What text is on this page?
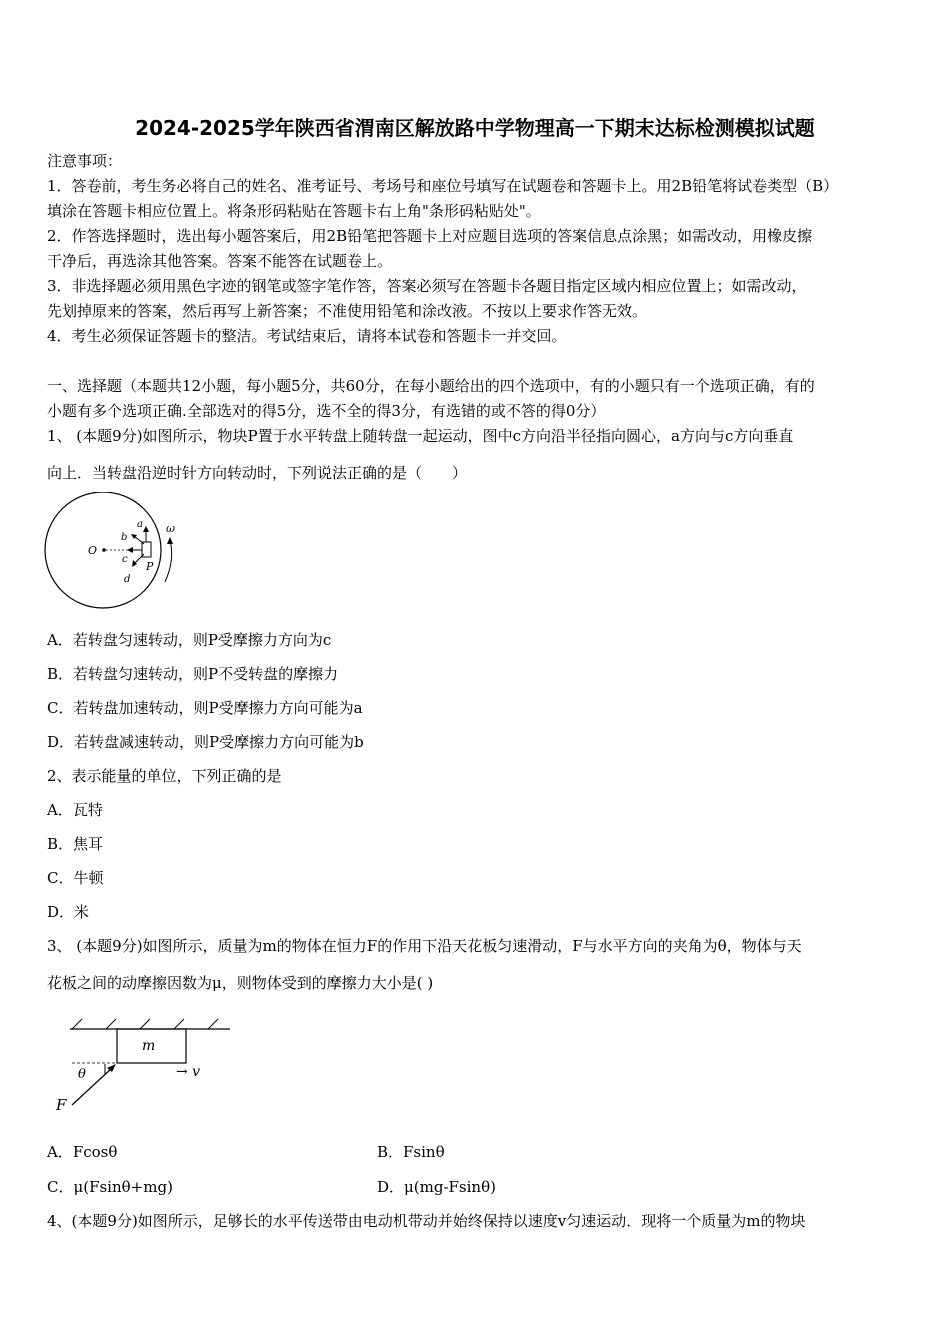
2024-2025学年陕西省渭南区解放路中学物理高一下期末达标检测模拟试题
注意事项：
1．答卷前，考生务必将自己的姓名、准考证号、考场号和座位号填写在试题卷和答题卡上。用2B铅笔将试卷类型（B）
填涂在答题卡相应位置上。将条形码粘贴在答题卡右上角"条形码粘贴处"。
2．作答选择题时，选出每小题答案后，用2B铅笔把答题卡上对应题目选项的答案信息点涂黑；如需改动，用橡皮擦
干净后，再选涂其他答案。答案不能答在试题卷上。
3．非选择题必须用黑色字迹的钢笔或签字笔作答，答案必须写在答题卡各题目指定区域内相应位置上；如需改动，
先划掉原来的答案，然后再写上新答案；不准使用铅笔和涂改液。不按以上要求作答无效。
4．考生必须保证答题卡的整洁。考试结束后，请将本试卷和答题卡一并交回。
一、选择题（本题共12小题，每小题5分，共60分，在每小题给出的四个选项中，有的小题只有一个选项正确，有的
小题有多个选项正确.全部选对的得5分，选不全的得3分，有选错的或不答的得0分）
1、 (本题9分)如图所示，物块P置于水平转盘上随转盘一起运动，图中c方向沿半径指向圆心，a方向与c方向垂直
向上．当转盘沿逆时针方向转动时，下列说法正确的是（　　）
O
a
b
c
d
P
ω
A．若转盘匀速转动，则P受摩擦力方向为c
B．若转盘匀速转动，则P不受转盘的摩擦力
C．若转盘加速转动，则P受摩擦力方向可能为a
D．若转盘减速转动，则P受摩擦力方向可能为b
2、表示能量的单位，下列正确的是
A．瓦特
B．焦耳
C．牛顿
D．米
3、 (本题9分)如图所示，质量为m的物体在恒力F的作用下沿天花板匀速滑动，F与水平方向的夹角为θ，物体与天
花板之间的动摩擦因数为μ，则物体受到的摩擦力大小是( )
m
θ	→ v
F
A．Fcosθ	B．Fsinθ
C．μ(Fsinθ+mg)	D．μ(mg-Fsinθ)
4、(本题9分)如图所示，足够长的水平传送带由电动机带动并始终保持以速度v匀速运动．现将一个质量为m的物块
